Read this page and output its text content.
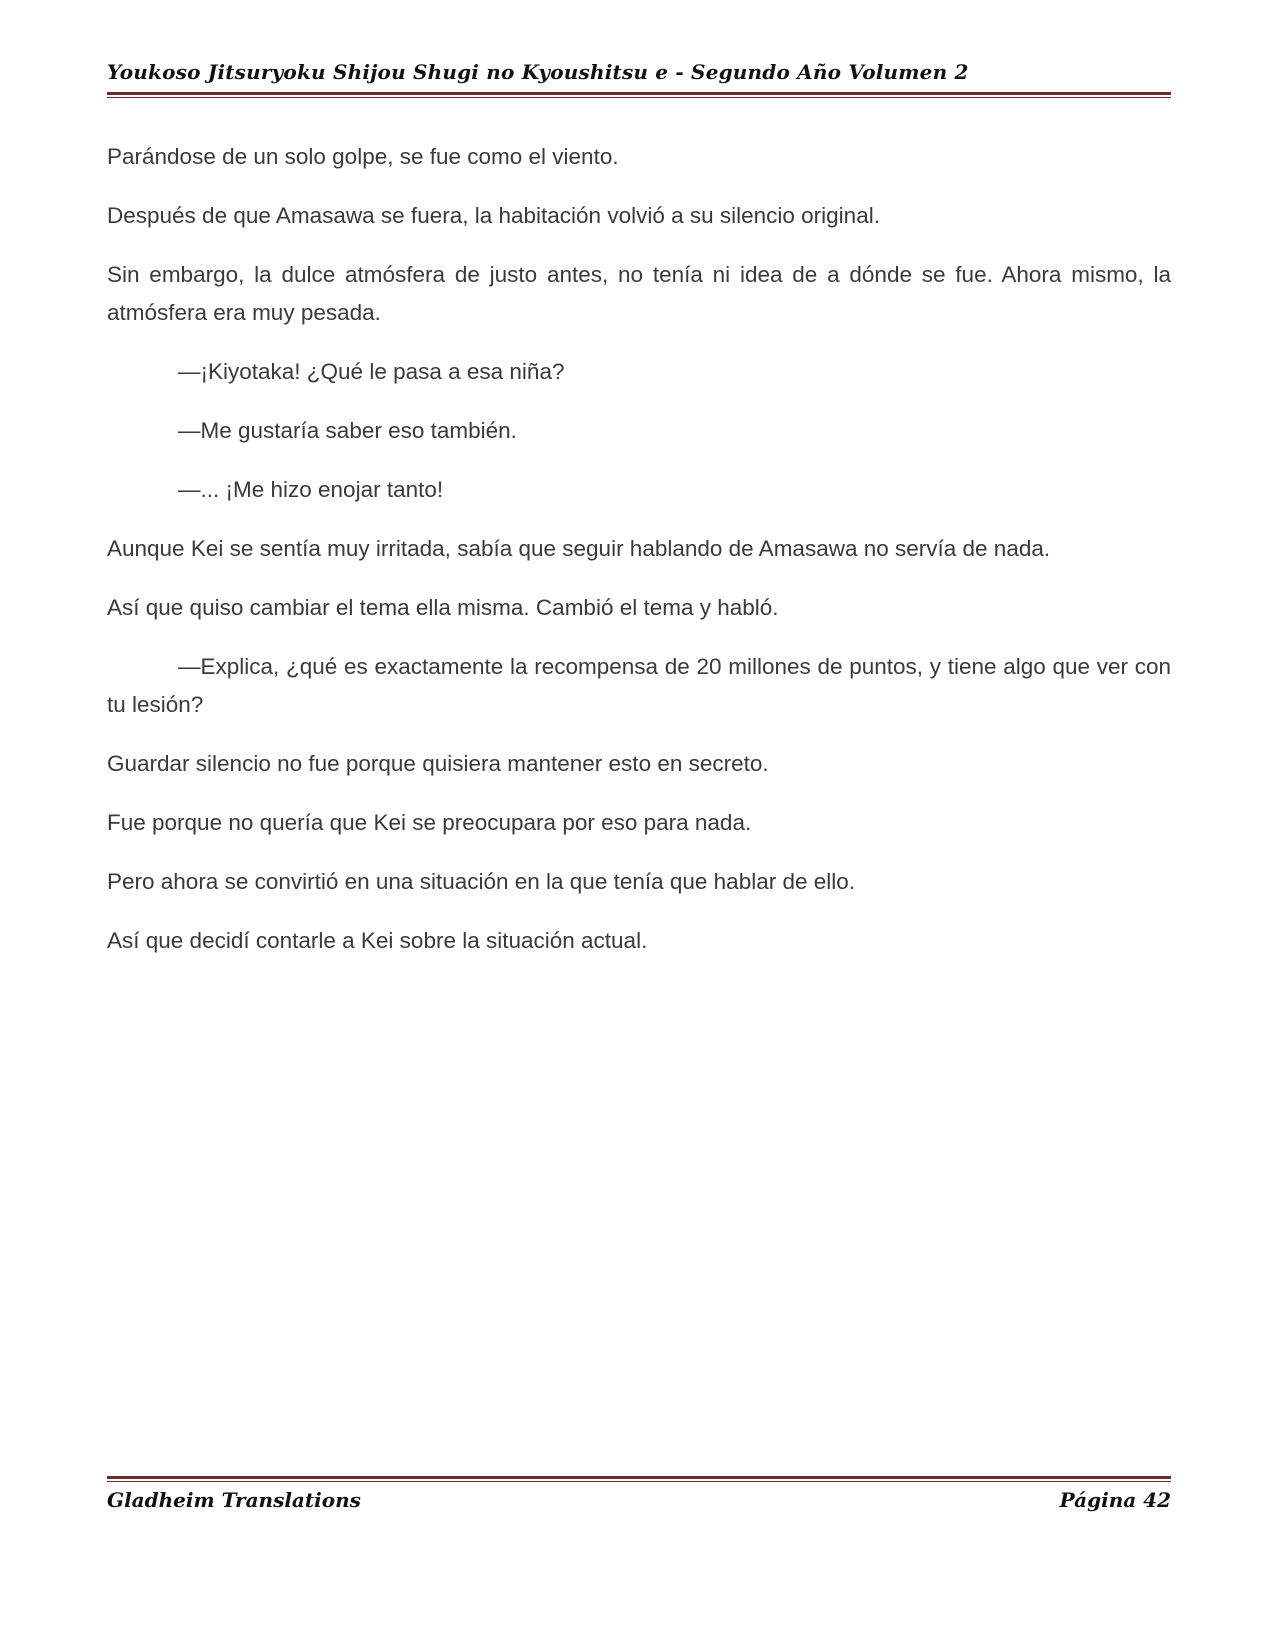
Youkoso Jitsuryoku Shijou Shugi no Kyoushitsu e - Segundo Año Volumen 2

Parándose de un solo golpe, se fue como el viento.

Después de que Amasawa se fuera, la habitación volvió a su silencio original.

Sin embargo, la dulce atmósfera de justo antes, no tenía ni idea de a dónde se fue. Ahora mismo, la atmósfera era muy pesada.

—¡Kiyotaka! ¿Qué le pasa a esa niña?

—Me gustaría saber eso también.

—... ¡Me hizo enojar tanto!

Aunque Kei se sentía muy irritada, sabía que seguir hablando de Amasawa no servía de nada.

Así que quiso cambiar el tema ella misma. Cambió el tema y habló.

—Explica, ¿qué es exactamente la recompensa de 20 millones de puntos, y tiene algo que ver con tu lesión?

Guardar silencio no fue porque quisiera mantener esto en secreto.

Fue porque no quería que Kei se preocupara por eso para nada.

Pero ahora se convirtió en una situación en la que tenía que hablar de ello.

Así que decidí contarle a Kei sobre la situación actual.

Gladheim Translations	Página 42
